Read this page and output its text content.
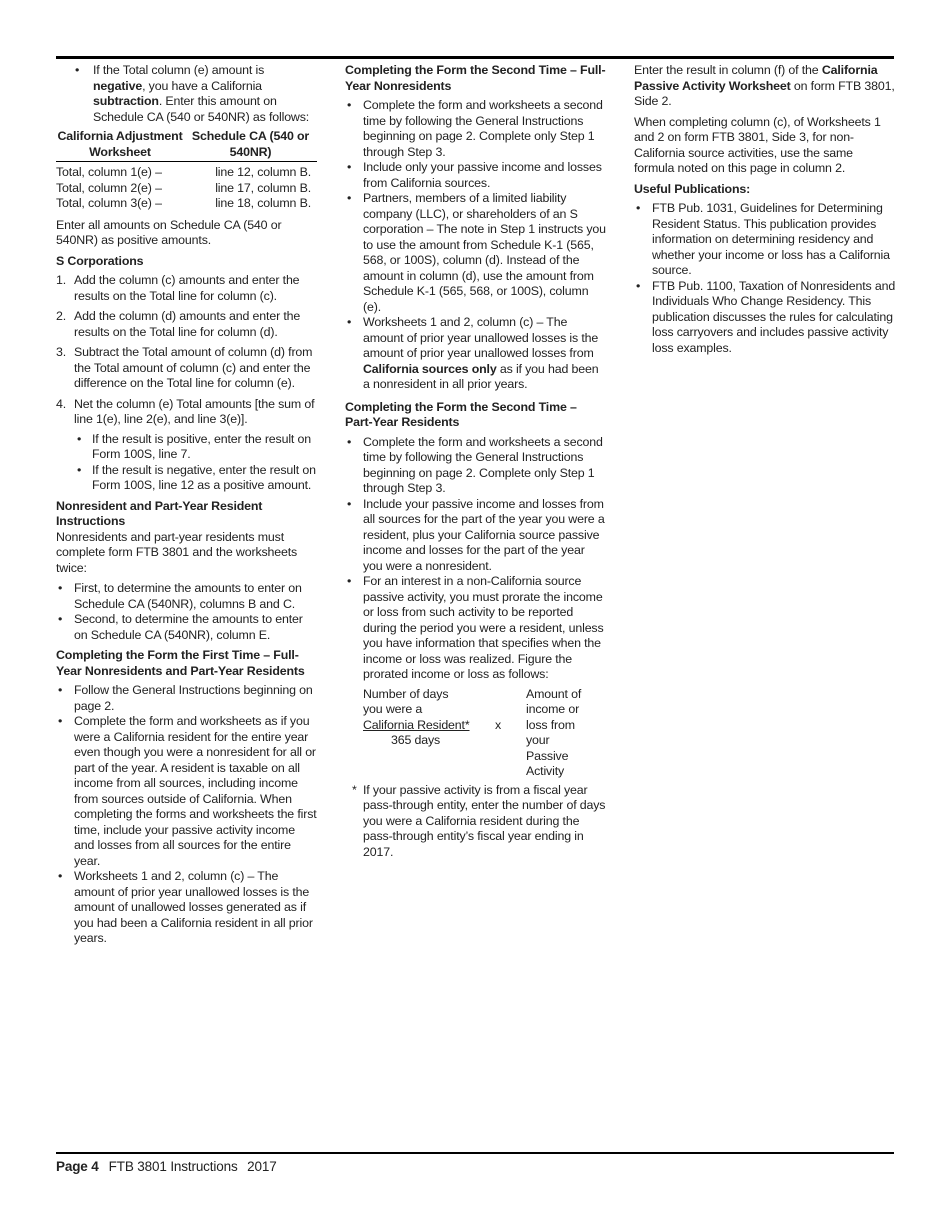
• If the Total column (e) amount is negative, you have a California subtraction. Enter this amount on Schedule CA (540 or 540NR) as follows:
California Adjustment Worksheet	Schedule CA (540 or 540NR)
Total, column 1(e) –	line 12, column B.
Total, column 2(e) –	line 17, column B.
Total, column 3(e) –	line 18, column B.

Enter all amounts on Schedule CA (540 or 540NR) as positive amounts.

S Corporations

1. Add the column (c) amounts and enter the results on the Total line for column (c).
2. Add the column (d) amounts and enter the results on the Total line for column (d).
3. Subtract the Total amount of column (d) from the Total amount of column (c) and enter the difference on the Total line for column (e).
4. Net the column (e) Total amounts [the sum of line 1(e), line 2(e), and line 3(e)].
• If the result is positive, enter the result on Form 100S, line 7.
• If the result is negative, enter the result on Form 100S, line 12 as a positive amount.

Nonresident and Part-Year Resident Instructions

Nonresidents and part-year residents must complete form FTB 3801 and the worksheets twice:

• First, to determine the amounts to enter on Schedule CA (540NR), columns B and C.
• Second, to determine the amounts to enter on Schedule CA (540NR), column E.

Completing the Form the First Time – Full-Year Nonresidents and Part-Year Residents

• Follow the General Instructions beginning on page 2.
• Complete the form and worksheets as if you were a California resident for the entire year even though you were a nonresident for all or part of the year. A resident is taxable on all income from all sources, including income from sources outside of California. When completing the forms and worksheets the first time, include your passive activity income and losses from all sources for the entire year.
• Worksheets 1 and 2, column (c) – The amount of prior year unallowed losses is the amount of unallowed losses generated as if you had been a California resident in all prior years.

Completing the Form the Second Time – Full-Year Nonresidents

• Complete the form and worksheets a second time by following the General Instructions beginning on page 2. Complete only Step 1 through Step 3.
• Include only your passive income and losses from California sources.
• Partners, members of a limited liability company (LLC), or shareholders of an S corporation – The note in Step 1 instructs you to use the amount from Schedule K-1 (565, 568, or 100S), column (d). Instead of the amount in column (d), use the amount from Schedule K-1 (565, 568, or 100S), column (e).
• Worksheets 1 and 2, column (c) – The amount of prior year unallowed losses is the amount of prior year unallowed losses from California sources only as if you had been a nonresident in all prior years.

Completing the Form the Second Time – Part-Year Residents

• Complete the form and worksheets a second time by following the General Instructions beginning on page 2. Complete only Step 1 through Step 3.
• Include your passive income and losses from all sources for the part of the year you were a resident, plus your California source passive income and losses for the part of the year you were a nonresident.
• For an interest in a non-California source passive activity, you must prorate the income or loss from such activity to be reported during the period you were a resident, unless you have information that specifies when the income or loss was realized. Figure the prorated income or loss as follows:
Number of days
you were a
California Resident*
365 days
x
Amount of
income or
loss from
your
Passive
Activity
* If your passive activity is from a fiscal year pass-through entity, enter the number of days you were a California resident during the pass-through entity’s fiscal year ending in 2017.

Enter the result in column (f) of the California Passive Activity Worksheet on form FTB 3801, Side 2.

When completing column (c), of Worksheets 1 and 2 on form FTB 3801, Side 3, for non-California source activities, use the same formula noted on this page in column 2.

Useful Publications:

• FTB Pub. 1031, Guidelines for Determining Resident Status. This publication provides information on determining residency and whether your income or loss has a California source.
• FTB Pub. 1100, Taxation of Nonresidents and Individuals Who Change Residency. This publication discusses the rules for calculating loss carryovers and includes passive activity loss examples.
Page 4 FTB 3801 Instructions 2017
